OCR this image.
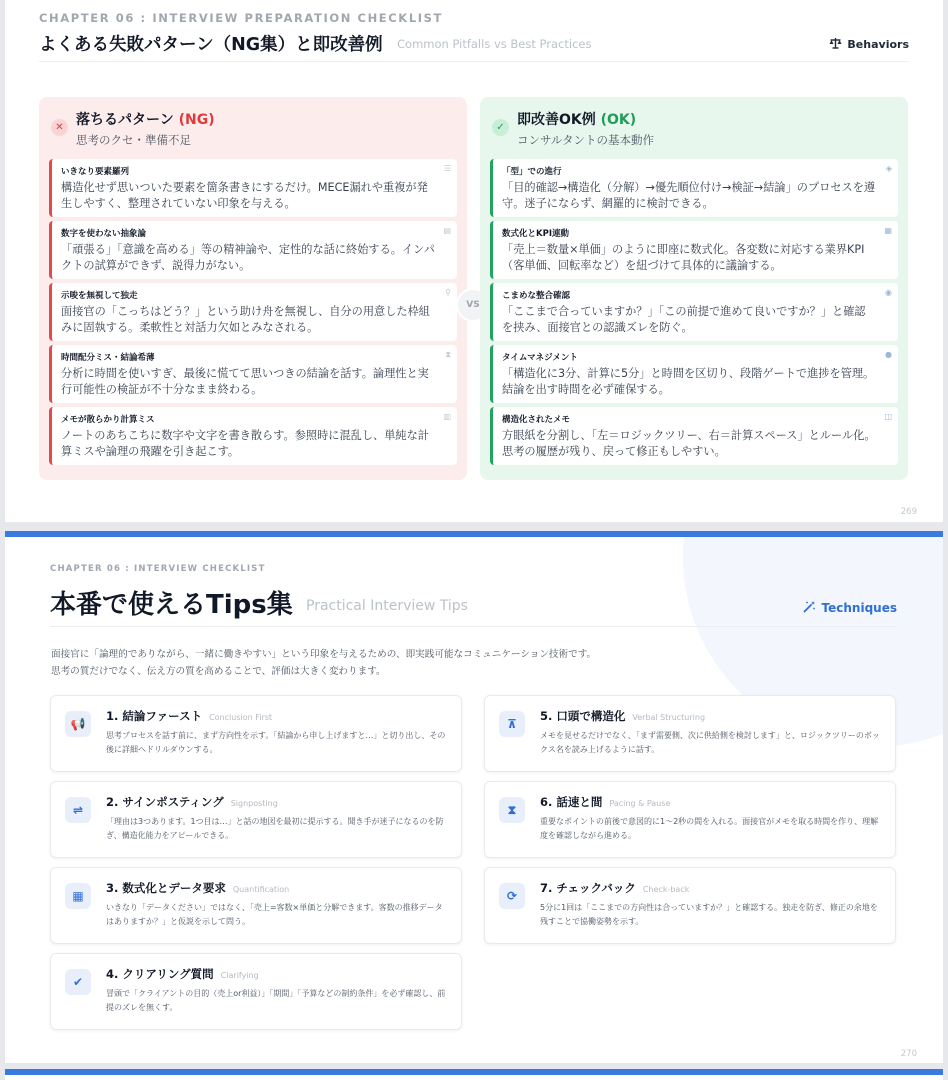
CHAPTER 06 : INTERVIEW PREPARATION CHECKLIST
よくある失敗パターン（NG集）と即改善例 Common Pitfalls vs Best Practices	Behaviors
✕ 落ちるパターン (NG)
思考のクセ・準備不足
いきなり要素羅列
構造化せず思いついた要素を箇条書きにするだけ。MECE漏れや重複が発生しやすく、整理されていない印象を与える。
☰
数字を使わない抽象論
「頑張る」「意識を高める」等の精神論や、定性的な話に終始する。インパクトの試算ができず、説得力がない。
▤
示唆を無視して独走
面接官の「こっちはどう？」という助け舟を無視し、自分の用意した枠組みに固執する。柔軟性と対話力欠如とみなされる。
⚲
時間配分ミス・結論希薄
分析に時間を使いすぎ、最後に慌てて思いつきの結論を話す。論理性と実行可能性の検証が不十分なまま終わる。
⧗
メモが散らかり計算ミス
ノートのあちこちに数字や文字を書き散らす。参照時に混乱し、単純な計算ミスや論理の飛躍を引き起こす。
▥
VS
✓ 即改善OK例 (OK)
コンサルタントの基本動作
「型」での進行
「目的確認→構造化（分解）→優先順位付け→検証→結論」のプロセスを遵守。迷子にならず、網羅的に検討できる。
◈
数式化とKPI連動
「売上＝数量×単価」のように即座に数式化。各変数に対応する業界KPI（客単価、回転率など）を紐づけて具体的に議論する。
▦
こまめな整合確認
「ここまで合っていますか？」「この前提で進めて良いですか？」と確認を挟み、面接官との認識ズレを防ぐ。
◉
タイムマネジメント
「構造化に3分、計算に5分」と時間を区切り、段階ゲートで進捗を管理。結論を出す時間を必ず確保する。
●
構造化されたメモ
方眼紙を分割し、「左＝ロジックツリー、右＝計算スペース」とルール化。思考の履歴が残り、戻って修正もしやすい。
◫
269
CHAPTER 06 : INTERVIEW CHECKLIST
本番で使えるTips集 Practical Interview Tips	Techniques
面接官に「論理的でありながら、一緒に働きやすい」という印象を与えるための、即実践可能なコミュニケーション技術です。
思考の質だけでなく、伝え方の質を高めることで、評価は大きく変わります。
📢
1. 結論ファースト Conclusion First
思考プロセスを話す前に、まず方向性を示す。「結論から申し上げますと…」と切り出し、その後に詳細へドリルダウンする。
⇌
2. サインポスティング Signposting
「理由は3つあります。1つ目は…」と話の地図を最初に提示する。聞き手が迷子になるのを防ぎ、構造化能力をアピールできる。
▦
3. 数式化とデータ要求 Quantification
いきなり「データください」ではなく、「売上=客数×単価と分解できます。客数の推移データはありますか？」と仮説を示して問う。
✔
4. クリアリング質問 Clarifying
冒頭で「クライアントの目的（売上or利益）」「期間」「予算などの制約条件」を必ず確認し、前提のズレを無くす。
⊼
5. 口頭で構造化 Verbal Structuring
メモを見せるだけでなく、「まず需要側、次に供給側を検討します」と、ロジックツリーのボックス名を読み上げるように話す。
⧗
6. 話速と間 Pacing & Pause
重要なポイントの前後で意図的に1〜2秒の間を入れる。面接官がメモを取る時間を作り、理解度を確認しながら進める。
⟳
7. チェックバック Check-back
5分に1回は「ここまでの方向性は合っていますか？」と確認する。独走を防ぎ、修正の余地を残すことで協働姿勢を示す。
270
